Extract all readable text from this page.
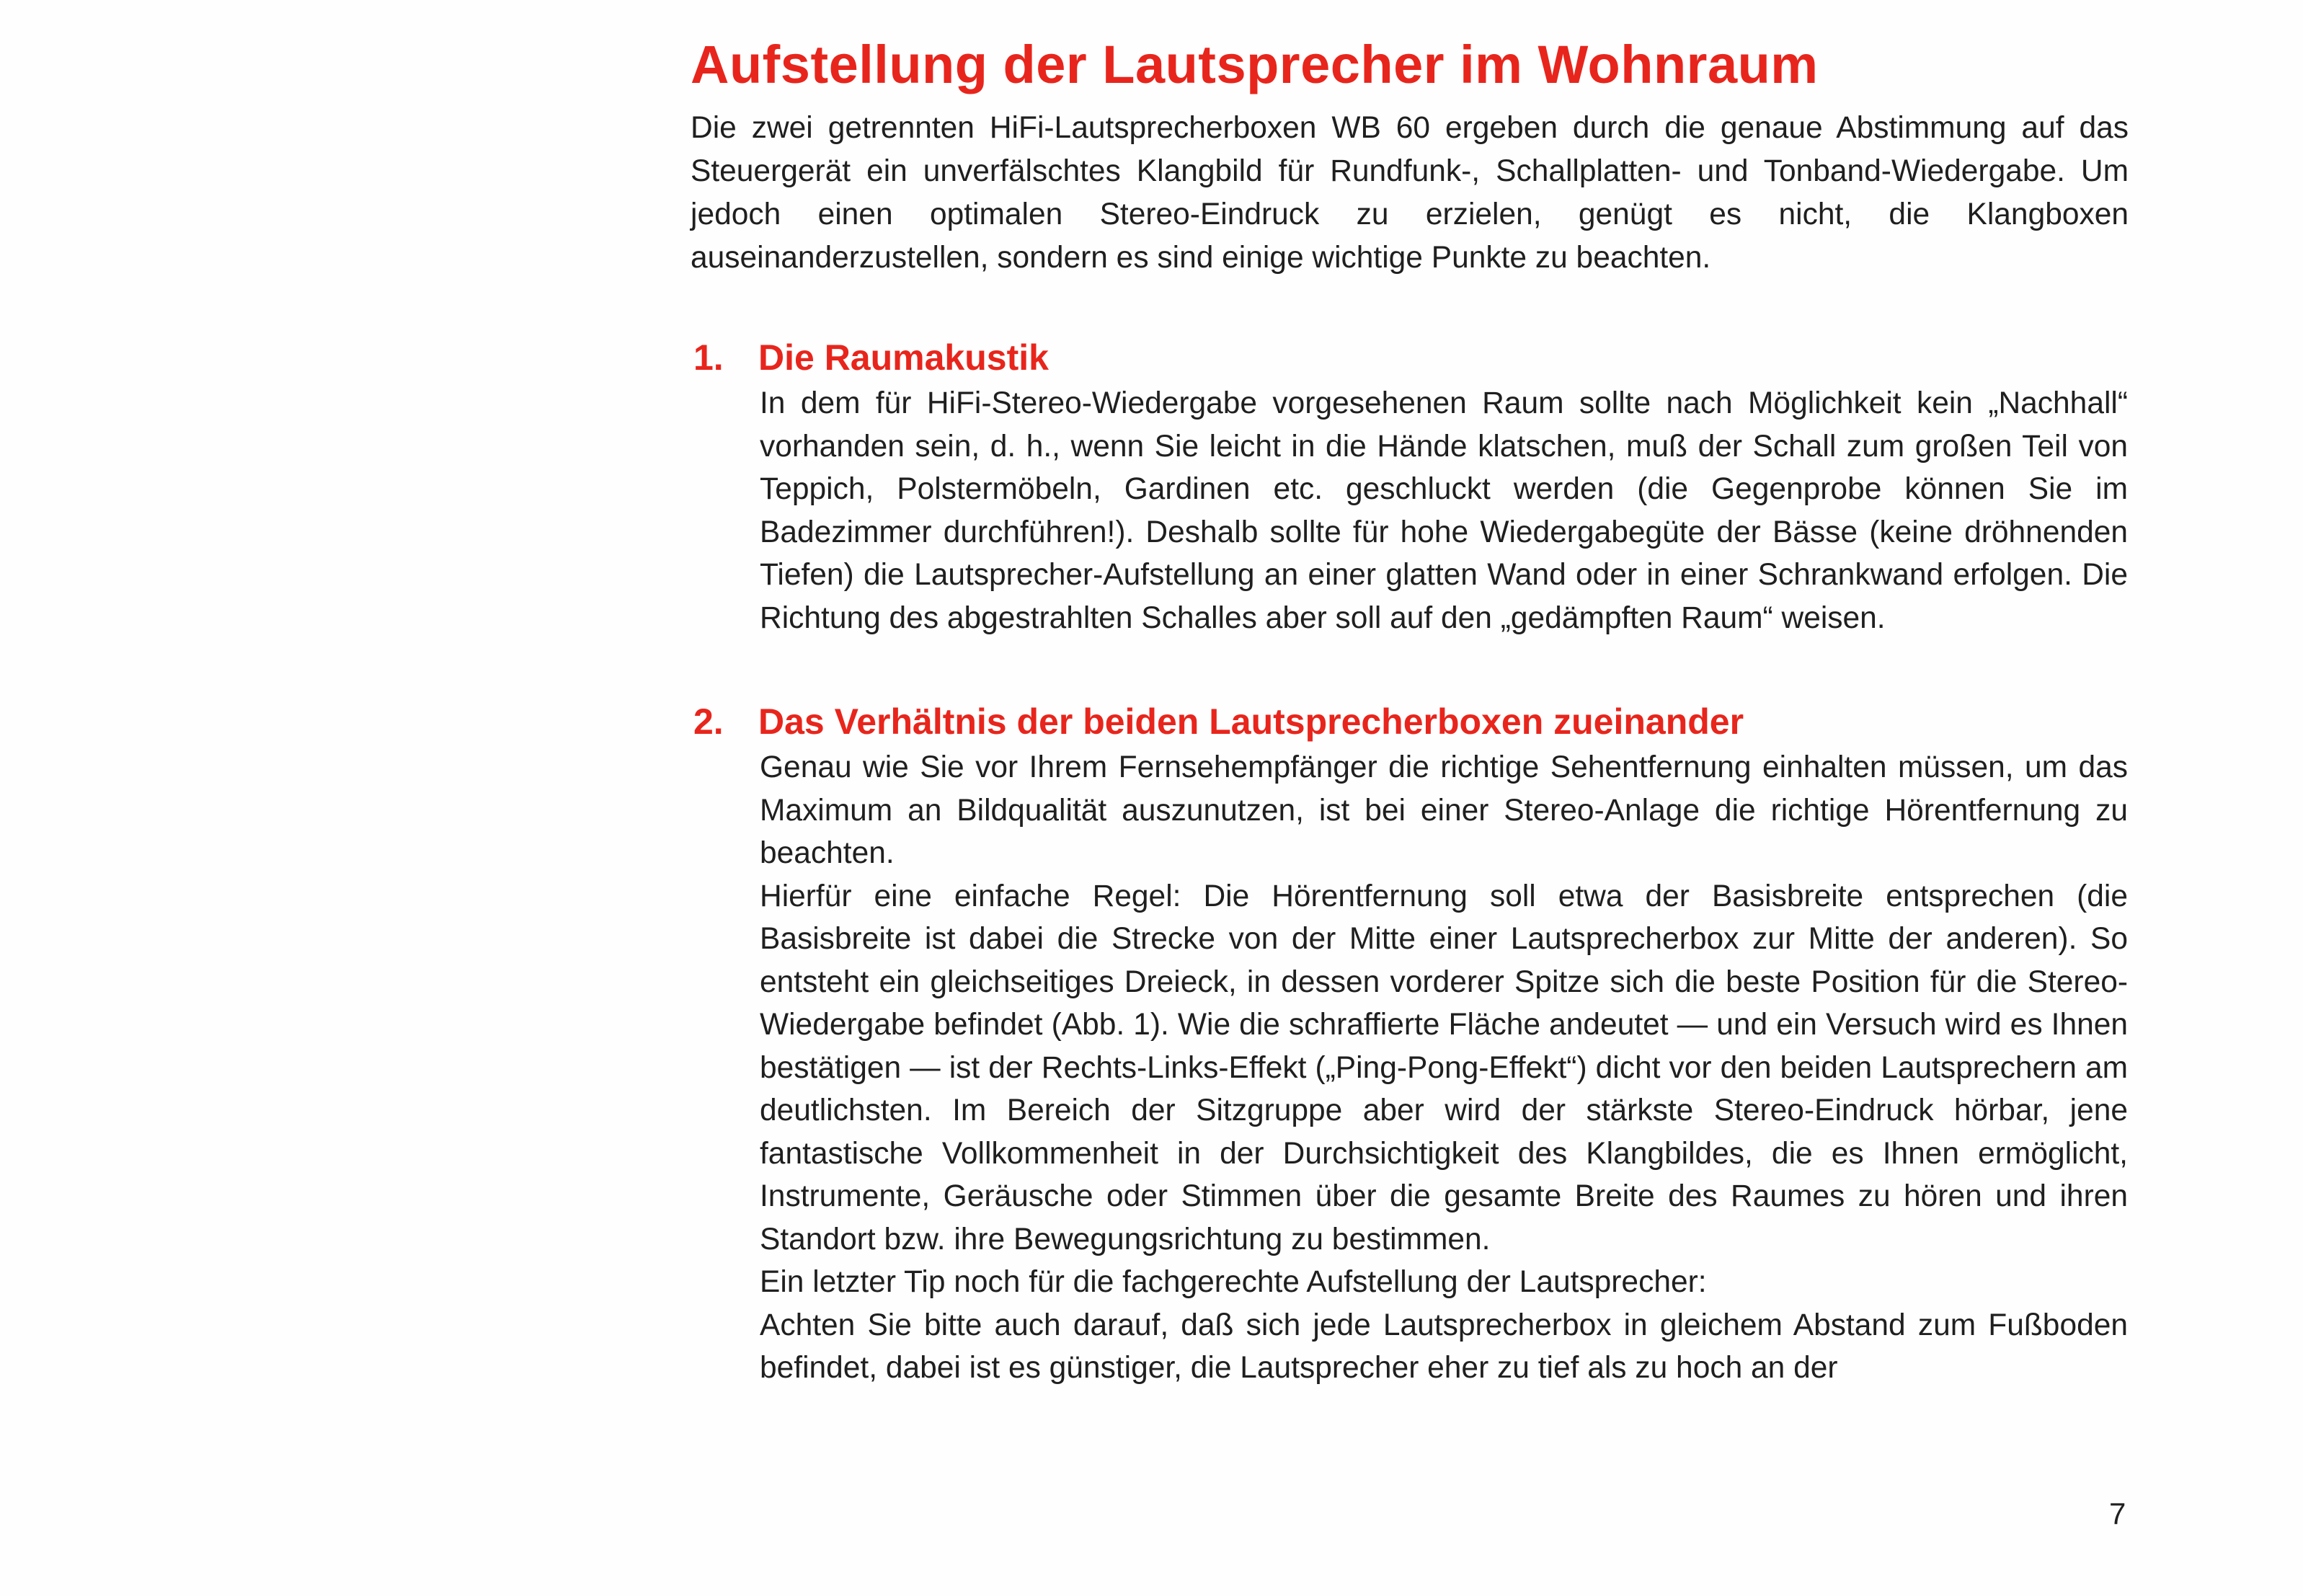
Aufstellung der Lautsprecher im Wohnraum

Die zwei getrennten HiFi-Lautsprecherboxen WB 60 ergeben durch die genaue Abstimmung auf das Steuergerät ein unverfälschtes Klangbild für Rundfunk-, Schallplatten- und Tonband-Wiedergabe. Um jedoch einen optimalen Stereo-Eindruck zu erzielen, genügt es nicht, die Klangboxen auseinanderzustellen, sondern es sind einige wichtige Punkte zu beachten.

1. Die Raumakustik

In dem für HiFi-Stereo-Wiedergabe vorgesehenen Raum sollte nach Möglichkeit kein „Nachhall“ vorhanden sein, d. h., wenn Sie leicht in die Hände klatschen, muß der Schall zum großen Teil von Teppich, Polstermöbeln, Gardinen etc. geschluckt werden (die Gegenprobe können Sie im Badezimmer durchführen!). Deshalb sollte für hohe Wiedergabegüte der Bässe (keine dröhnenden Tiefen) die Lautsprecher-Aufstellung an einer glatten Wand oder in einer Schrankwand erfolgen. Die Richtung des abgestrahlten Schalles aber soll auf den „gedämpften Raum“ weisen.

2. Das Verhältnis der beiden Lautsprecherboxen zueinander

Genau wie Sie vor Ihrem Fernsehempfänger die richtige Sehentfernung einhalten müssen, um das Maximum an Bildqualität auszunutzen, ist bei einer Stereo-Anlage die richtige Hörentfernung zu beachten.

Hierfür eine einfache Regel: Die Hörentfernung soll etwa der Basisbreite entsprechen (die Basisbreite ist dabei die Strecke von der Mitte einer Lautsprecherbox zur Mitte der anderen). So entsteht ein gleichseitiges Dreieck, in dessen vorderer Spitze sich die beste Position für die Stereo-Wiedergabe befindet (Abb. 1). Wie die schraffierte Fläche andeutet — und ein Versuch wird es Ihnen bestätigen — ist der Rechts-Links-Effekt („Ping-Pong-Effekt“) dicht vor den beiden Lautsprechern am deutlichsten. Im Bereich der Sitzgruppe aber wird der stärkste Stereo-Eindruck hörbar, jene fantastische Vollkommenheit in der Durchsichtigkeit des Klangbildes, die es Ihnen ermöglicht, Instrumente, Geräusche oder Stimmen über die gesamte Breite des Raumes zu hören und ihren Standort bzw. ihre Bewegungsrichtung zu bestimmen.

Ein letzter Tip noch für die fachgerechte Aufstellung der Lautsprecher:

Achten Sie bitte auch darauf, daß sich jede Lautsprecherbox in gleichem Abstand zum Fußboden befindet, dabei ist es günstiger, die Lautsprecher eher zu tief als zu hoch an der

7
